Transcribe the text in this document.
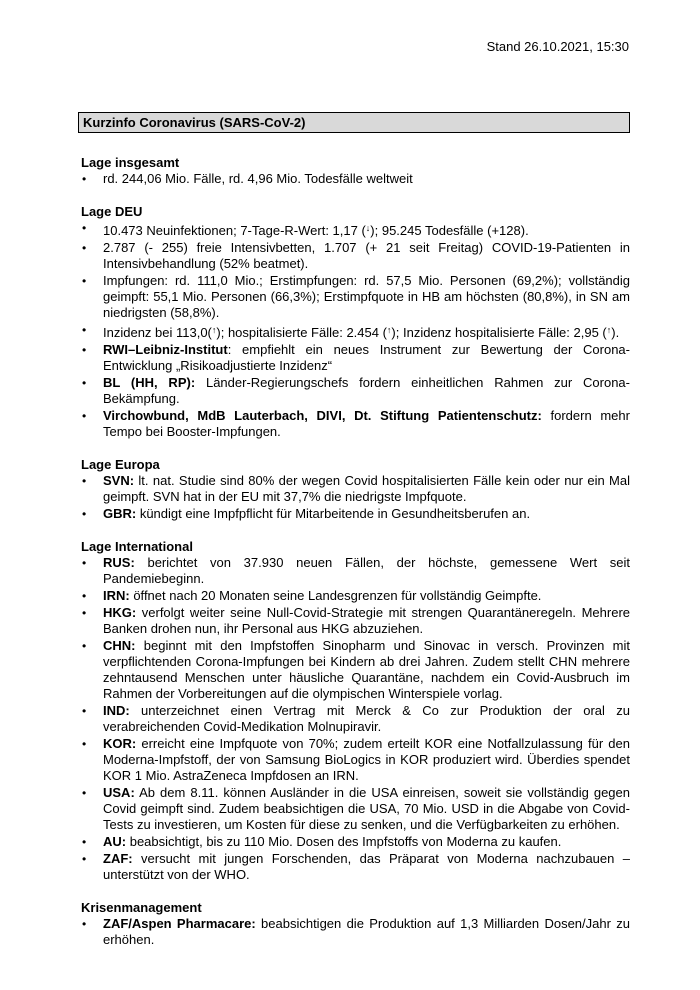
Stand 26.10.2021, 15:30
Kurzinfo Coronavirus (SARS-CoV-2)
Lage insgesamt
• rd. 244,06 Mio. Fälle, rd. 4,96 Mio. Todesfälle weltweit
Lage DEU
• 10.473 Neuinfektionen; 7-Tage-R-Wert: 1,17 (↓); 95.245 Todesfälle (+128).
• 2.787 (- 255) freie Intensivbetten, 1.707 (+ 21 seit Freitag) COVID-19-Patienten in Intensivbehandlung (52% beatmet).
• Impfungen: rd. 111,0 Mio.; Erstimpfungen: rd. 57,5 Mio. Personen (69,2%); vollständig geimpft: 55,1 Mio. Personen (66,3%); Erstimpfquote in HB am höchsten (80,8%), in SN am niedrigsten (58,8%).
• Inzidenz bei 113,0(↑); hospitalisierte Fälle: 2.454 (↑); Inzidenz hospitalisierte Fälle: 2,95 (↑).
• RWI–Leibniz-Institut: empfiehlt ein neues Instrument zur Bewertung der Corona-Entwicklung „Risikoadjustierte Inzidenz“
• BL (HH, RP): Länder-Regierungschefs fordern einheitlichen Rahmen zur Corona-Bekämpfung.
• Virchowbund, MdB Lauterbach, DIVI, Dt. Stiftung Patientenschutz: fordern mehr Tempo bei Booster-Impfungen.
Lage Europa
• SVN: lt. nat. Studie sind 80% der wegen Covid hospitalisierten Fälle kein oder nur ein Mal geimpft. SVN hat in der EU mit 37,7% die niedrigste Impfquote.
• GBR: kündigt eine Impfpflicht für Mitarbeitende in Gesundheitsberufen an.
Lage International
• RUS: berichtet von 37.930 neuen Fällen, der höchste, gemessene Wert seit Pandemiebeginn.
• IRN: öffnet nach 20 Monaten seine Landesgrenzen für vollständig Geimpfte.
• HKG: verfolgt weiter seine Null-Covid-Strategie mit strengen Quarantäneregeln. Mehrere Banken drohen nun, ihr Personal aus HKG abzuziehen.
• CHN: beginnt mit den Impfstoffen Sinopharm und Sinovac in versch. Provinzen mit verpflichtenden Corona-Impfungen bei Kindern ab drei Jahren. Zudem stellt CHN mehrere zehntausend Menschen unter häusliche Quarantäne, nachdem ein Covid-Ausbruch im Rahmen der Vorbereitungen auf die olympischen Winterspiele vorlag.
• IND: unterzeichnet einen Vertrag mit Merck & Co zur Produktion der oral zu verabreichenden Covid-Medikation Molnupiravir.
• KOR: erreicht eine Impfquote von 70%; zudem erteilt KOR eine Notfallzulassung für den Moderna-Impfstoff, der von Samsung BioLogics in KOR produziert wird. Überdies spendet KOR 1 Mio. AstraZeneca Impfdosen an IRN.
• USA: Ab dem 8.11. können Ausländer in die USA einreisen, soweit sie vollständig gegen Covid geimpft sind. Zudem beabsichtigen die USA, 70 Mio. USD in die Abgabe von Covid-Tests zu investieren, um Kosten für diese zu senken, und die Verfügbarkeiten zu erhöhen.
• AU: beabsichtigt, bis zu 110 Mio. Dosen des Impfstoffs von Moderna zu kaufen.
• ZAF: versucht mit jungen Forschenden, das Präparat von Moderna nachzubauen – unterstützt von der WHO.
Krisenmanagement
• ZAF/Aspen Pharmacare: beabsichtigen die Produktion auf 1,3 Milliarden Dosen/Jahr zu erhöhen.
